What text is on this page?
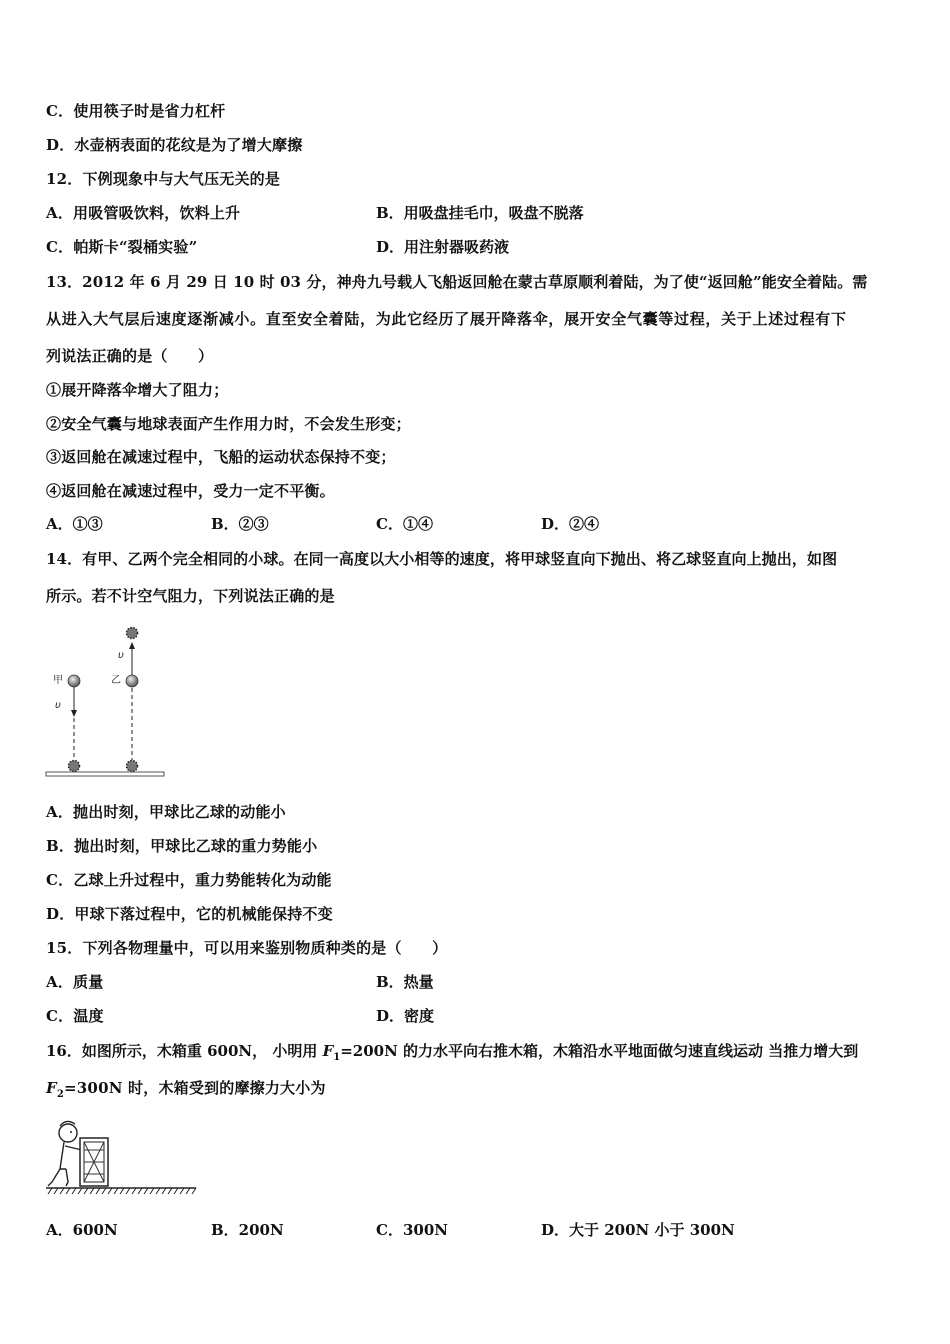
C．使用筷子时是省力杠杆
D．水壶柄表面的花纹是为了增大摩擦
12．下例现象中与大气压无关的是
A．用吸管吸饮料，饮料上升	B．用吸盘挂毛巾，吸盘不脱落
C．帕斯卡“裂桶实验”	D．用注射器吸药液
13．2012 年 6 月 29 日 10 时 03 分，神舟九号载人飞船返回舱在蒙古草原顺利着陆，为了使“返回舱”能安全着陆。需
从进入大气层后速度逐渐减小。直至安全着陆，为此它经历了展开降落伞，展开安全气囊等过程，关于上述过程有下
列说法正确的是（　　）
①展开降落伞增大了阻力；
②安全气囊与地球表面产生作用力时，不会发生形变；
③返回舱在减速过程中，飞船的运动状态保持不变；
④返回舱在减速过程中，受力一定不平衡。
A．①③	B．②③	C．①④	D．②④
14．有甲、乙两个完全相同的小球。在同一高度以大小相等的速度，将甲球竖直向下抛出、将乙球竖直向上抛出，如图
所示。若不计空气阻力，下列说法正确的是
甲	乙
υ
υ
A．抛出时刻，甲球比乙球的动能小
B．抛出时刻，甲球比乙球的重力势能小
C．乙球上升过程中，重力势能转化为动能
D．甲球下落过程中，它的机械能保持不变
15．下列各物理量中，可以用来鉴别物质种类的是（　　）
A．质量	B．热量
C．温度	D．密度
16．如图所示，木箱重 600N， 小明用 $F_1=200N$ 的力水平向右推木箱，木箱沿水平地面做匀速直线运动 当推力增大到
$F_2=300N$ 时，木箱受到的摩擦力大小为
A．600N	B．200N	C．300N	D．大于 200N 小于 300N
